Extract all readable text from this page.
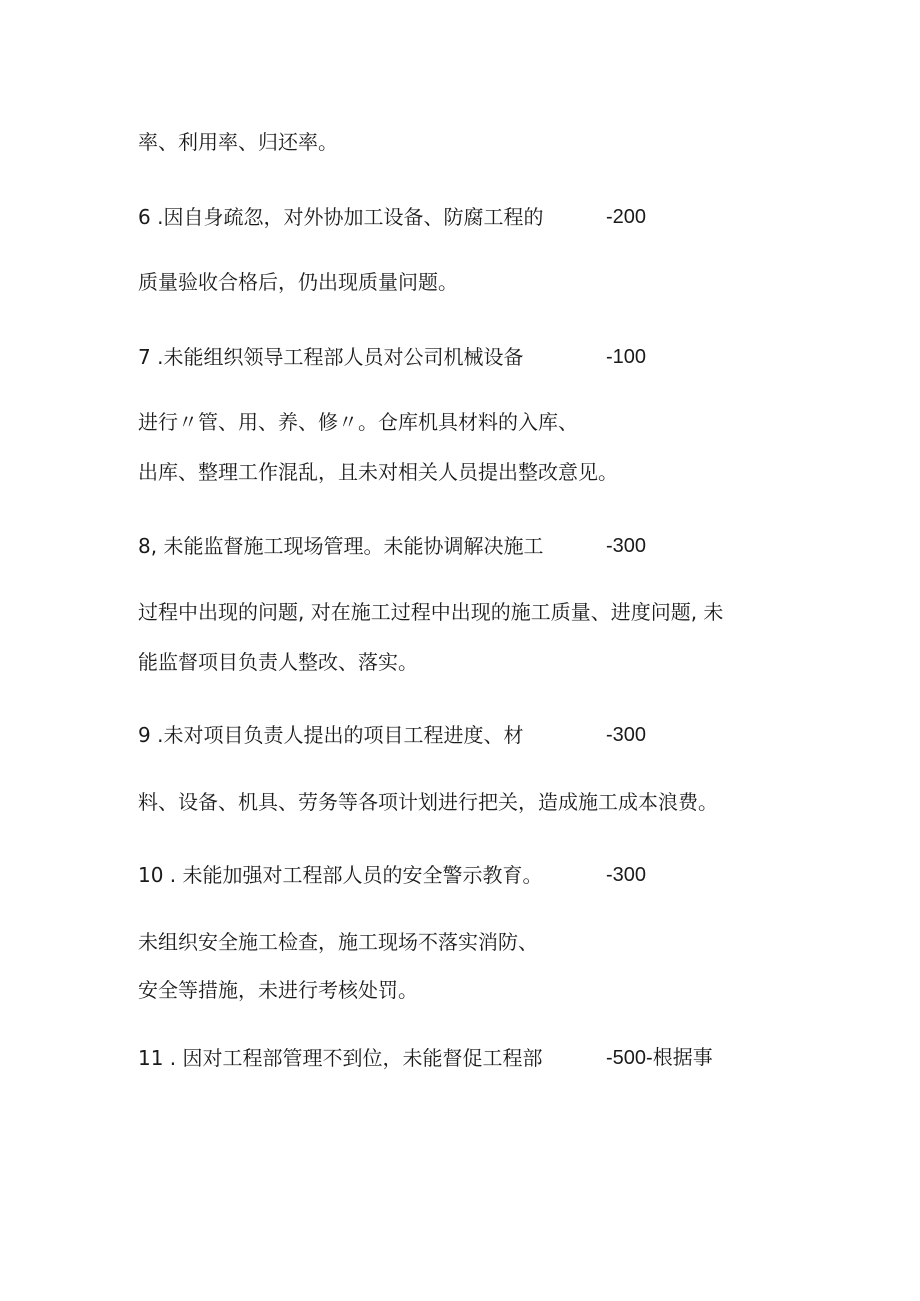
率、利用率、归还率。
6 .因自身疏忽，对外协加工设备、防腐工程的	-200
质量验收合格后，仍出现质量问题。
7 .未能组织领导工程部人员对公司机械设备	-100
进行〃管、用、养、修〃。仓库机具材料的入库、
出库、整理工作混乱，且未对相关人员提出整改意见。
8, 未能监督施工现场管理。未能协调解决施工	-300
过程中出现的问题, 对在施工过程中出现的施工质量、进度问题, 未
能监督项目负责人整改、落实。
9 .未对项目负责人提出的项目工程进度、材	-300
料、设备、机具、劳务等各项计划进行把关，造成施工成本浪费。
10 . 未能加强对工程部人员的安全警示教育。	-300
未组织安全施工检查，施工现场不落实消防、
安全等措施，未进行考核处罚。
11 . 因对工程部管理不到位，未能督促工程部	-500-根据事
